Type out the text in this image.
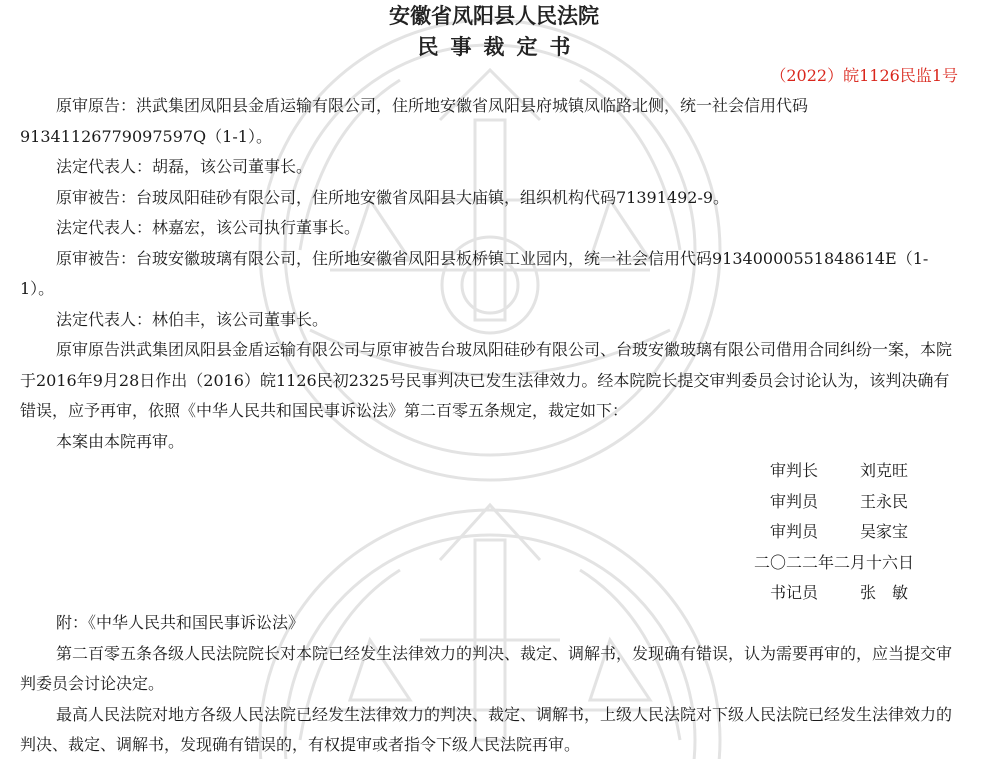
安徽省凤阳县人民法院
民事裁定书
（2022）皖1126民监1号

原审原告：洪武集团凤阳县金盾运输有限公司，住所地安徽省凤阳县府城镇凤临路北侧，统一社会信用代码91341126779097597Q（1-1）。

法定代表人：胡磊，该公司董事长。

原审被告：台玻凤阳硅砂有限公司，住所地安徽省凤阳县大庙镇，组织机构代码71391492-9。

法定代表人：林嘉宏，该公司执行董事长。

原审被告：台玻安徽玻璃有限公司，住所地安徽省凤阳县板桥镇工业园内，统一社会信用代码91340000551848614E（1-1）。

法定代表人：林伯丰，该公司董事长。

原审原告洪武集团凤阳县金盾运输有限公司与原审被告台玻凤阳硅砂有限公司、台玻安徽玻璃有限公司借用合同纠纷一案，本院于2016年9月28日作出（2016）皖1126民初2325号民事判决已发生法律效力。经本院院长提交审判委员会讨论认为，该判决确有错误，应予再审，依照《中华人民共和国民事诉讼法》第二百零五条规定，裁定如下：

本案由本院再审。

审判长	刘克旺
审判员	王永民
审判员	吴家宝
二〇二二年二月十六日
书记员	张　敏

附：《中华人民共和国民事诉讼法》

第二百零五条各级人民法院院长对本院已经发生法律效力的判决、裁定、调解书，发现确有错误，认为需要再审的，应当提交审判委员会讨论决定。

最高人民法院对地方各级人民法院已经发生法律效力的判决、裁定、调解书，上级人民法院对下级人民法院已经发生法律效力的判决、裁定、调解书，发现确有错误的，有权提审或者指令下级人民法院再审。
